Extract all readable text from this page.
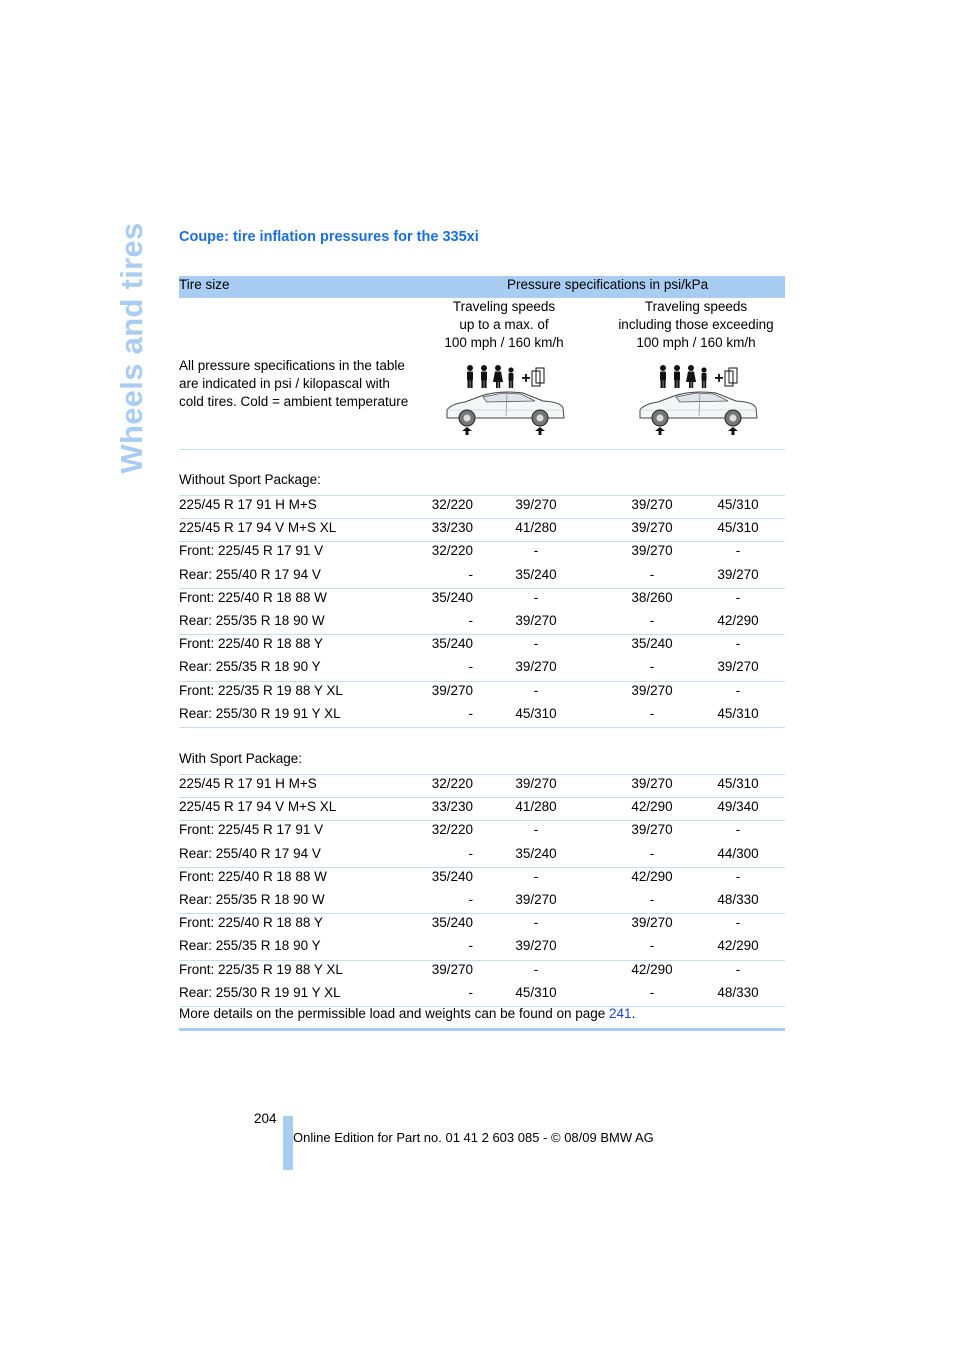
Wheels and tires Coupe: tire inflation pressures for the 335xi
Tire size	Pressure specifications in psi/kPa
Traveling speeds
up to a max. of
100 mph / 160 km/h
Traveling speeds
including those exceeding
100 mph / 160 km/h
All pressure specifications in the table
are indicated in psi / kilopascal with
cold tires. Cold = ambient temperature
Without Sport Package:
225/45 R 17 91 H M+S	32/220	39/270	39/270	45/310
225/45 R 17 94 V M+S XL	33/230	41/280	39/270	45/310
Front: 225/45 R 17 91 V	32/220	-	39/270	-
Rear: 255/40 R 17 94 V	-	35/240	-	39/270
Front: 225/40 R 18 88 W	35/240	-	38/260	-
Rear: 255/35 R 18 90 W	-	39/270	-	42/290
Front: 225/40 R 18 88 Y	35/240	-	35/240	-
Rear: 255/35 R 18 90 Y	-	39/270	-	39/270
Front: 225/35 R 19 88 Y XL	39/270	-	39/270	-
Rear: 255/30 R 19 91 Y XL	-	45/310	-	45/310
With Sport Package:
225/45 R 17 91 H M+S	32/220	39/270	39/270	45/310
225/45 R 17 94 V M+S XL	33/230	41/280	42/290	49/340
Front: 225/45 R 17 91 V	32/220	-	39/270	-
Rear: 255/40 R 17 94 V	-	35/240	-	44/300
Front: 225/40 R 18 88 W	35/240	-	42/290	-
Rear: 255/35 R 18 90 W	-	39/270	-	48/330
Front: 225/40 R 18 88 Y	35/240	-	39/270	-
Rear: 255/35 R 18 90 Y	-	39/270	-	42/290
Front: 225/35 R 19 88 Y XL	39/270	-	42/290	-
Rear: 255/30 R 19 91 Y XL	-	45/310	-	48/330
More details on the permissible load and weights can be found on page 241.
204
Online Edition for Part no. 01 41 2 603 085 - © 08/09 BMW AG
